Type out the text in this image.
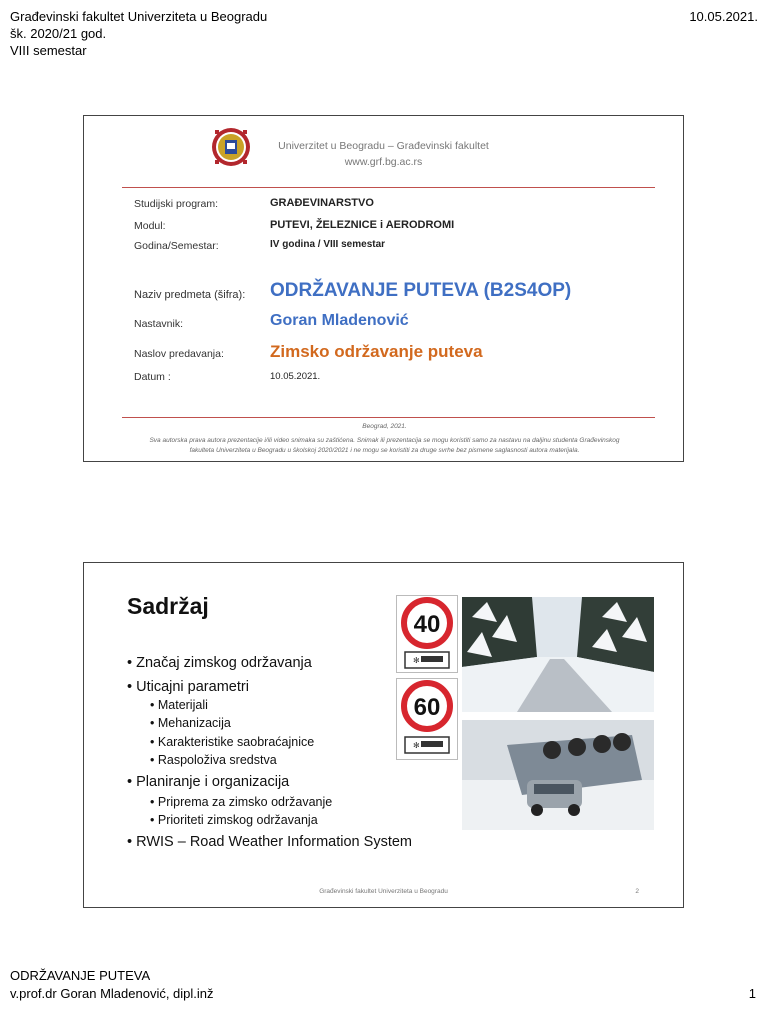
Građevinski fakultet Univerziteta u Beogradu
šk. 2020/21 god.
VIII semestar
10.05.2021.
Univerzitet u Beogradu – Građevinski fakultet
www.grf.bg.ac.rs
Studijski program:	GRAĐEVINARSTVO
Modul:	PUTEVI, ŽELEZNICE i AERODROMI
Godina/Semestar:	IV godina / VIII semestar
Naziv predmeta (šifra): ODRŽAVANJE PUTEVA (B2S4OP)
Nastavnik:	Goran Mladenović
Naslov predavanja:	Zimsko održavanje puteva
Datum :	10.05.2021.
Beograd, 2021.
Sva autorska prava autora prezentacije i/ili video snimaka su zaštićena. Snimak ili prezentacija se mogu koristiti samo za nastavu na daljinu studenta Građevinskog
fakulteta Univerziteta u Beogradu u školskoj 2020/2021 i ne mogu se koristiti za druge svrhe bez pismene saglasnosti autora materijala.
Sadržaj
• Značaj zimskog održavanja
• Uticajni parametri
• Materijali
• Mehanizacija
• Karakteristike saobraćajnice
• Raspoloživa sredstva
• Planiranje i organizacija
• Priprema za zimsko održavanje
• Prioriteti zimskog održavanja
• RWIS – Road Weather Information System
40
✻
60
✻
Građevinski fakultet Univerziteta u Beogradu	2
ODRŽAVANJE PUTEVA
v.prof.dr Goran Mladenović, dipl.inž	1
